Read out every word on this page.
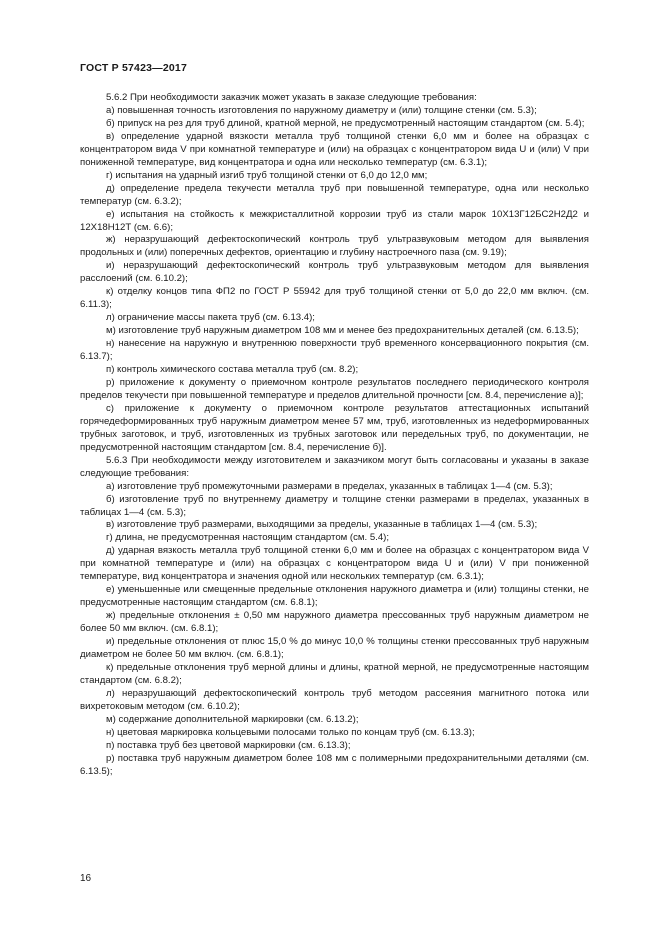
ГОСТ Р 57423—2017

5.6.2 При необходимости заказчик может указать в заказе следующие требования:

а) повышенная точность изготовления по наружному диаметру и (или) толщине стенки (см. 5.3);

б) припуск на рез для труб длиной, кратной мерной, не предусмотренный настоящим стандартом (см. 5.4);

в) определение ударной вязкости металла труб толщиной стенки 6,0 мм и более на образцах с концентратором вида V при комнатной температуре и (или) на образцах с концентратором вида U и (или) V при пониженной температуре, вид концентратора и одна или несколько температур (см. 6.3.1);

г) испытания на ударный изгиб труб толщиной стенки от 6,0 до 12,0 мм;

д) определение предела текучести металла труб при повышенной температуре, одна или несколько температур (см. 6.3.2);

е) испытания на стойкость к межкристаллитной коррозии труб из стали марок 10Х13Г12БС2Н2Д2 и 12Х18Н12Т (см. 6.6);

ж) неразрушающий дефектоскопический контроль труб ультразвуковым методом для выявления продольных и (или) поперечных дефектов, ориентацию и глубину настроечного паза (см. 9.19);

и) неразрушающий дефектоскопический контроль труб ультразвуковым методом для выявления расслоений (см. 6.10.2);

к) отделку концов типа ФП2 по ГОСТ Р 55942 для труб толщиной стенки от 5,0 до 22,0 мм включ. (см. 6.11.3);

л) ограничение массы пакета труб (см. 6.13.4);

м) изготовление труб наружным диаметром 108 мм и менее без предохранительных деталей (см. 6.13.5);

н) нанесение на наружную и внутреннюю поверхности труб временного консервационного покрытия (см. 6.13.7);

п) контроль химического состава металла труб (см. 8.2);

р) приложение к документу о приемочном контроле результатов последнего периодического контроля пределов текучести при повышенной температуре и пределов длительной прочности [см. 8.4, перечисление а)];

с) приложение к документу о приемочном контроле результатов аттестационных испытаний горячедеформированных труб наружным диаметром менее 57 мм, труб, изготовленных из недеформированных трубных заготовок, и труб, изготовленных из трубных заготовок или передельных труб, по документации, не предусмотренной настоящим стандартом [см. 8.4, перечисление б)].

5.6.3 При необходимости между изготовителем и заказчиком могут быть согласованы и указаны в заказе следующие требования:

а) изготовление труб промежуточными размерами в пределах, указанных в таблицах 1—4 (см. 5.3);

б) изготовление труб по внутреннему диаметру и толщине стенки размерами в пределах, указанных в таблицах 1—4 (см. 5.3);

в) изготовление труб размерами, выходящими за пределы, указанные в таблицах 1—4 (см. 5.3);

г) длина, не предусмотренная настоящим стандартом (см. 5.4);

д) ударная вязкость металла труб толщиной стенки 6,0 мм и более на образцах с концентратором вида V при комнатной температуре и (или) на образцах с концентратором вида U и (или) V при пониженной температуре, вид концентратора и значения одной или нескольких температур (см. 6.3.1);

е) уменьшенные или смещенные предельные отклонения наружного диаметра и (или) толщины стенки, не предусмотренные настоящим стандартом (см. 6.8.1);

ж) предельные отклонения ± 0,50 мм наружного диаметра прессованных труб наружным диаметром не более 50 мм включ. (см. 6.8.1);

и) предельные отклонения от плюс 15,0 % до минус 10,0 % толщины стенки прессованных труб наружным диаметром не более 50 мм включ. (см. 6.8.1);

к) предельные отклонения труб мерной длины и длины, кратной мерной, не предусмотренные настоящим стандартом (см. 6.8.2);

л) неразрушающий дефектоскопический контроль труб методом рассеяния магнитного потока или вихретоковым методом (см. 6.10.2);

м) содержание дополнительной маркировки (см. 6.13.2);

н) цветовая маркировка кольцевыми полосами только по концам труб (см. 6.13.3);

п) поставка труб без цветовой маркировки (см. 6.13.3);

р) поставка труб наружным диаметром более 108 мм с полимерными предохранительными деталями (см. 6.13.5);

16
